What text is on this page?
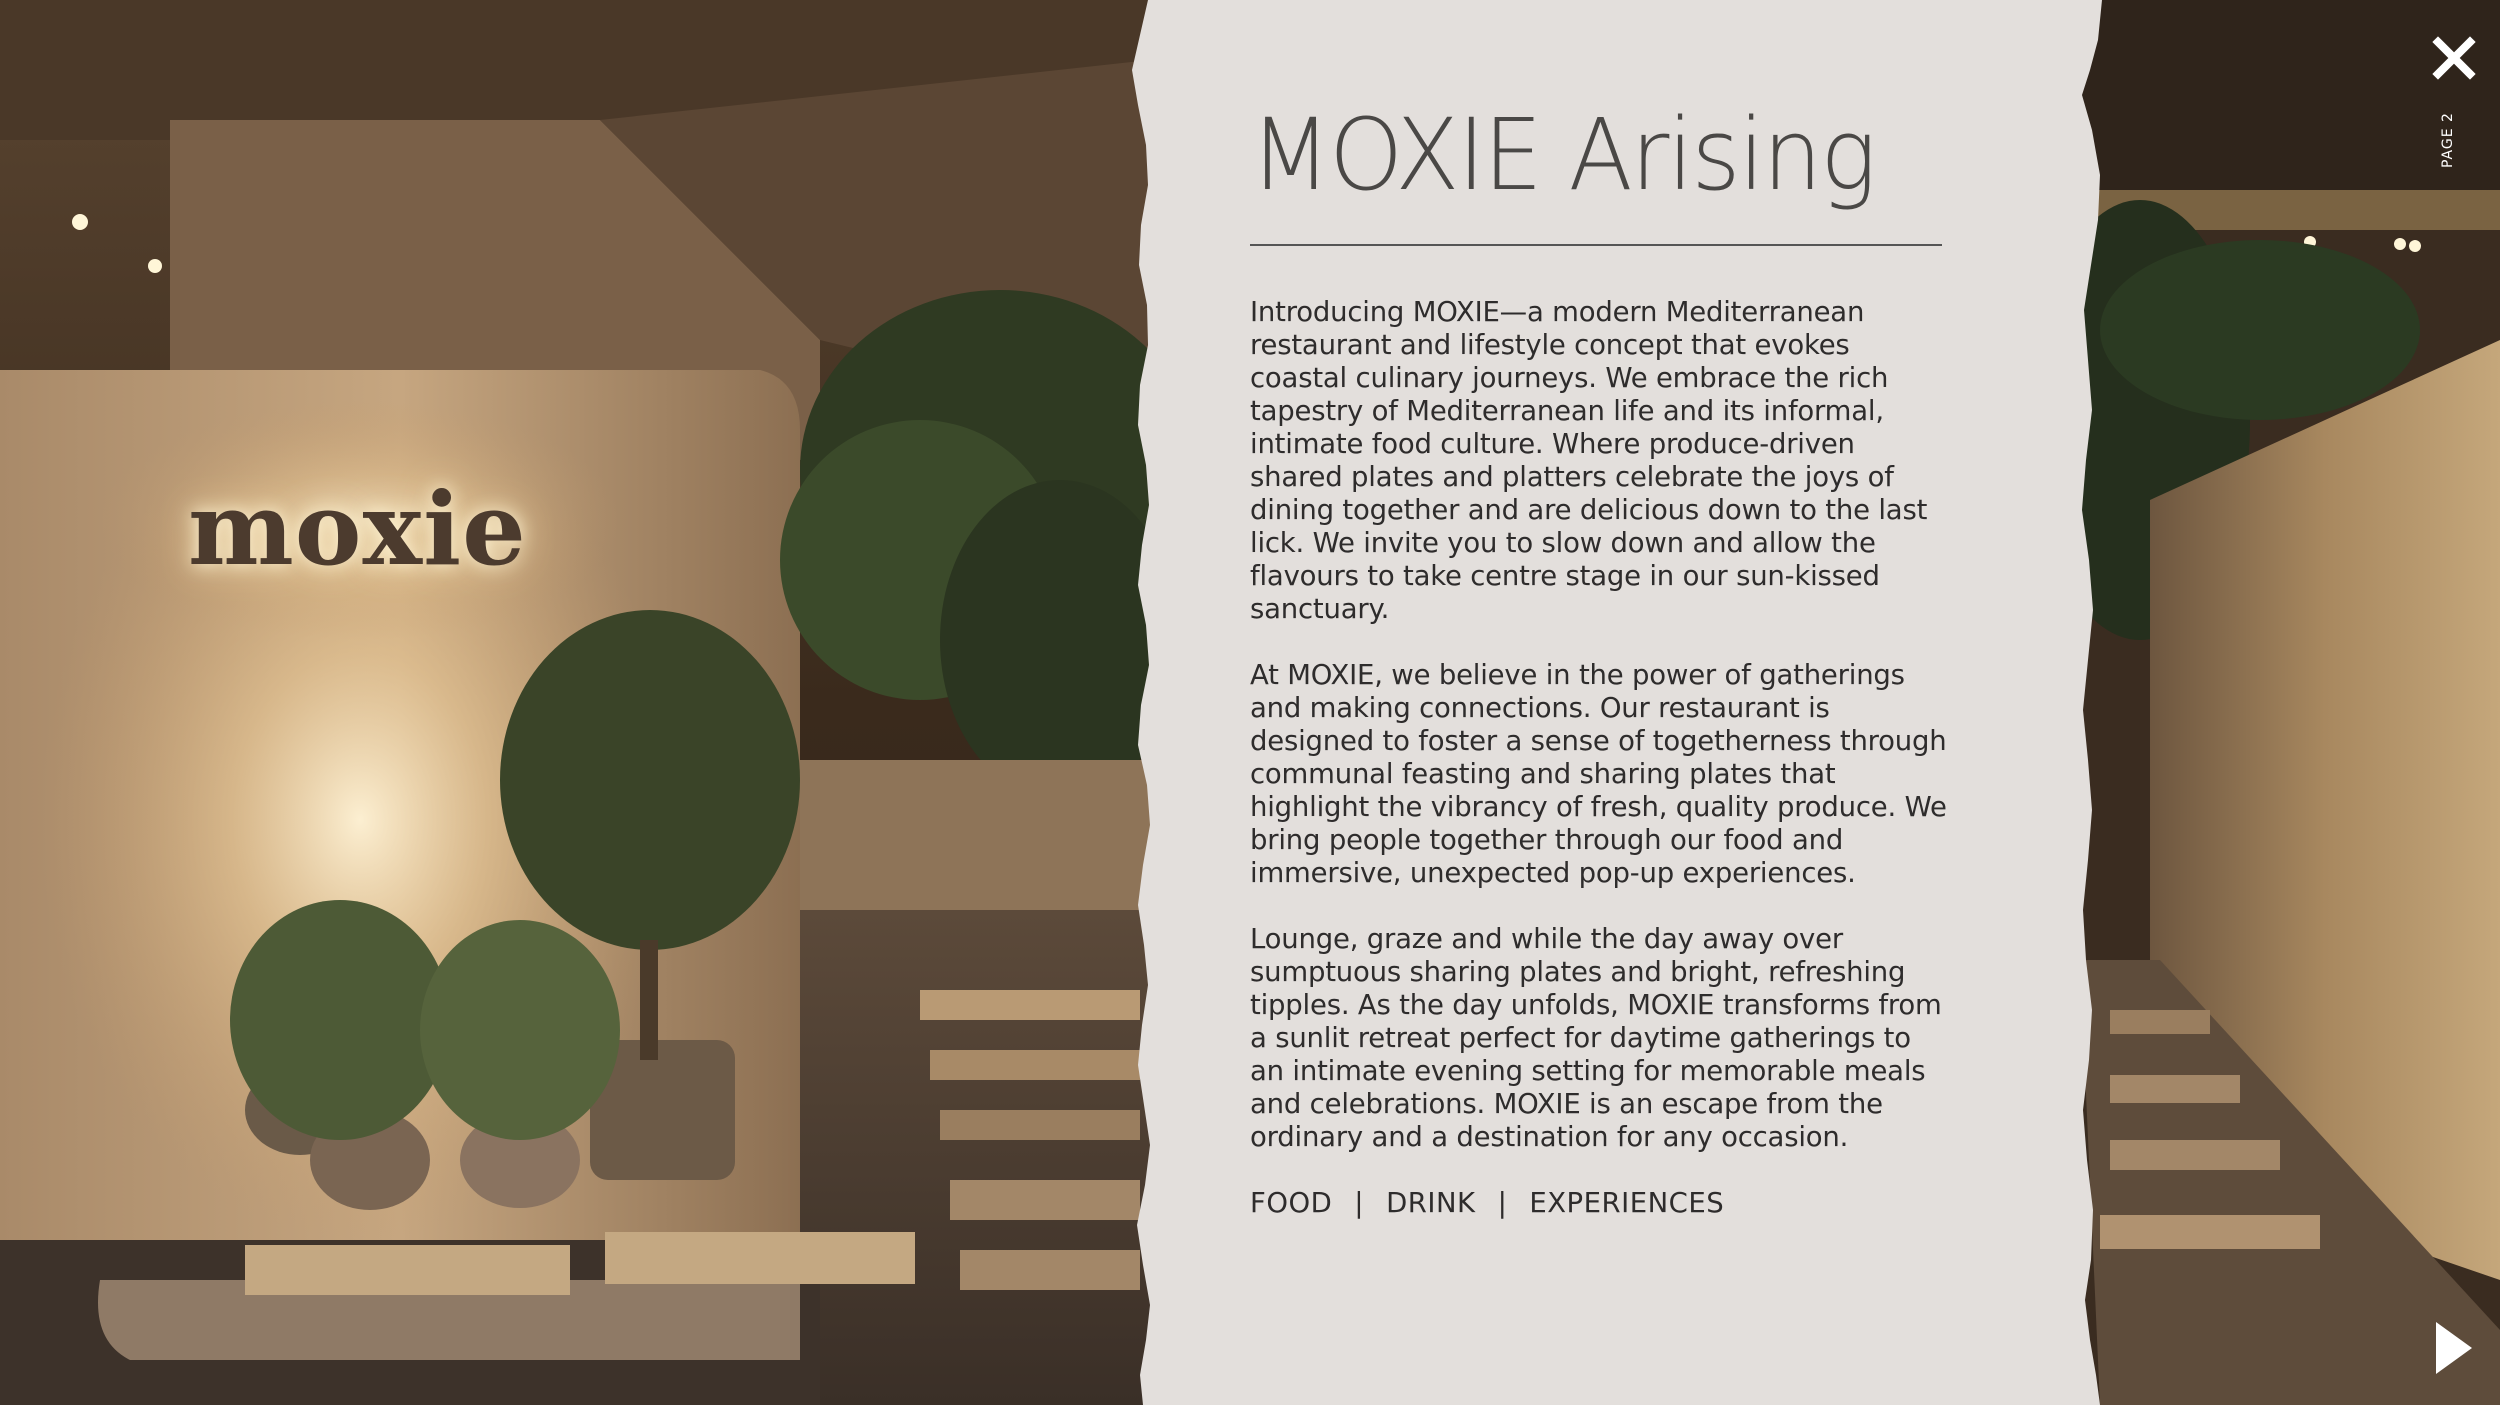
moxie
MOXIE Arising

Introducing MOXIE—a modern Mediterranean restaurant and lifestyle concept that evokes coastal culinary journeys. We embrace the rich tapestry of Mediterranean life and its informal, intimate food culture. Where produce-driven shared plates and platters celebrate the joys of dining together and are delicious down to the last lick. We invite you to slow down and allow the flavours to take centre stage in our sun-kissed sanctuary.

At MOXIE, we believe in the power of gatherings and making connections. Our restaurant is designed to foster a sense of togetherness through communal feasting and sharing plates that highlight the vibrancy of fresh, quality produce. We bring people together through our food and immersive, unexpected pop-up experiences.

Lounge, graze and while the day away over sumptuous sharing plates and bright, refreshing tipples. As the day unfolds, MOXIE transforms from a sunlit retreat perfect for daytime gatherings to an intimate evening setting for memorable meals and celebrations. MOXIE is an escape from the ordinary and a destination for any occasion.

FOOD | DRINK | EXPERIENCES
PAGE 2
